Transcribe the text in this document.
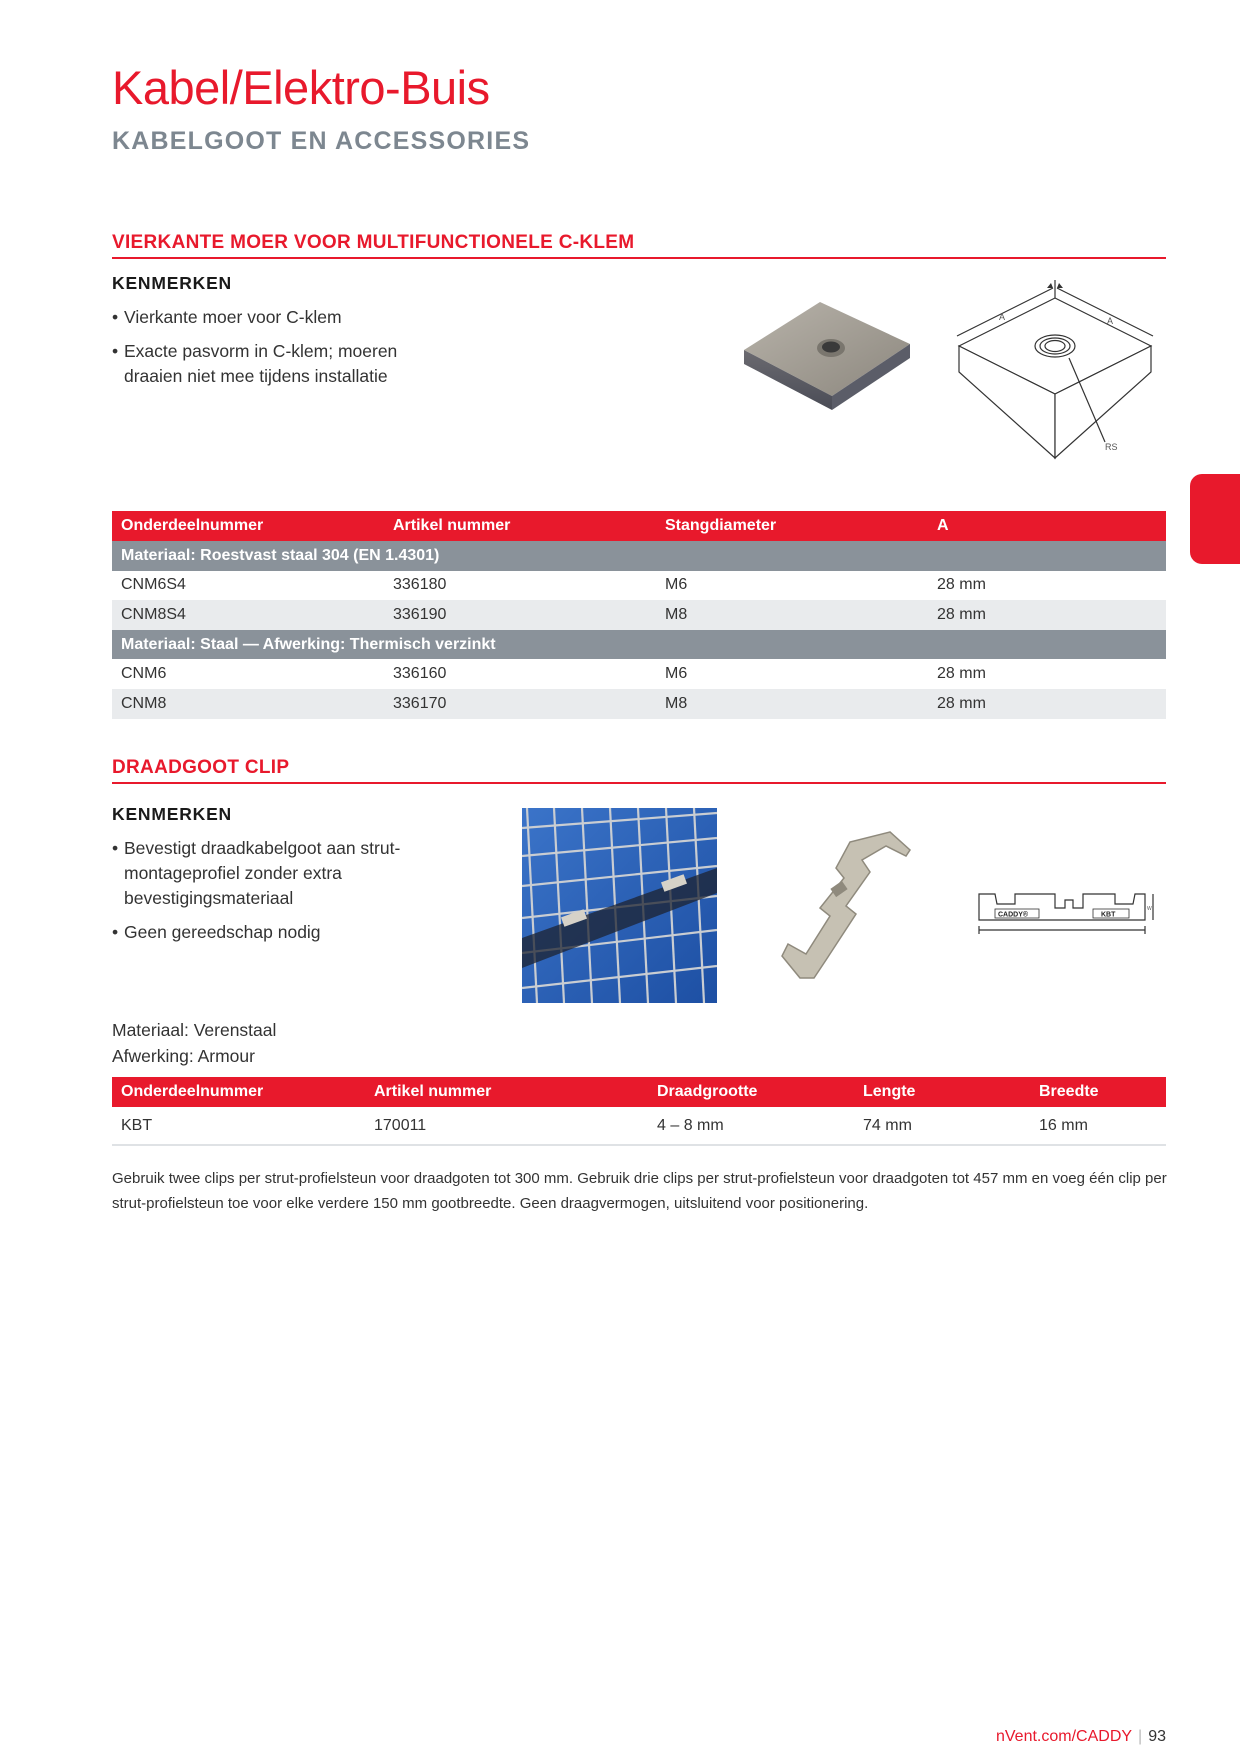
Kabel/Elektro-Buis
KABELGOOT EN ACCESSORIES
VIERKANTE MOER VOOR MULTIFUNCTIONELE C-KLEM
KENMERKEN
• Vierkante moer voor C-klem
• Exacte pasvorm in C-klem; moeren draaien niet mee tijdens installatie
A	A
RS
Onderdeelnummer	Artikel nummer	Stangdiameter	A
Materiaal: Roestvast staal 304 (EN 1.4301)			
CNM6S4	336180	M6	28 mm
CNM8S4	336190	M8	28 mm
Materiaal: Staal — Afwerking: Thermisch verzinkt			
CNM6	336160	M6	28 mm
CNM8	336170	M8	28 mm
DRAADGOOT CLIP
KENMERKEN
• Bevestigt draadkabelgoot aan strut-montageprofiel zonder extra bevestigingsmateriaal
• Geen gereedschap nodig
CADDY®	KBT
W
Materiaal: Verenstaal
Afwerking: Armour
Onderdeelnummer	Artikel nummer	Draadgrootte	Lengte	Breedte
KBT	170011	4 – 8 mm	74 mm	16 mm

Gebruik twee clips per strut-profielsteun voor draadgoten tot 300 mm. Gebruik drie clips per strut-profielsteun voor draadgoten tot 457 mm en voeg één clip per strut-profielsteun toe voor elke verdere 150 mm gootbreedte. Geen draagvermogen, uitsluitend voor positionering.

nVent.com/CADDY | 93
